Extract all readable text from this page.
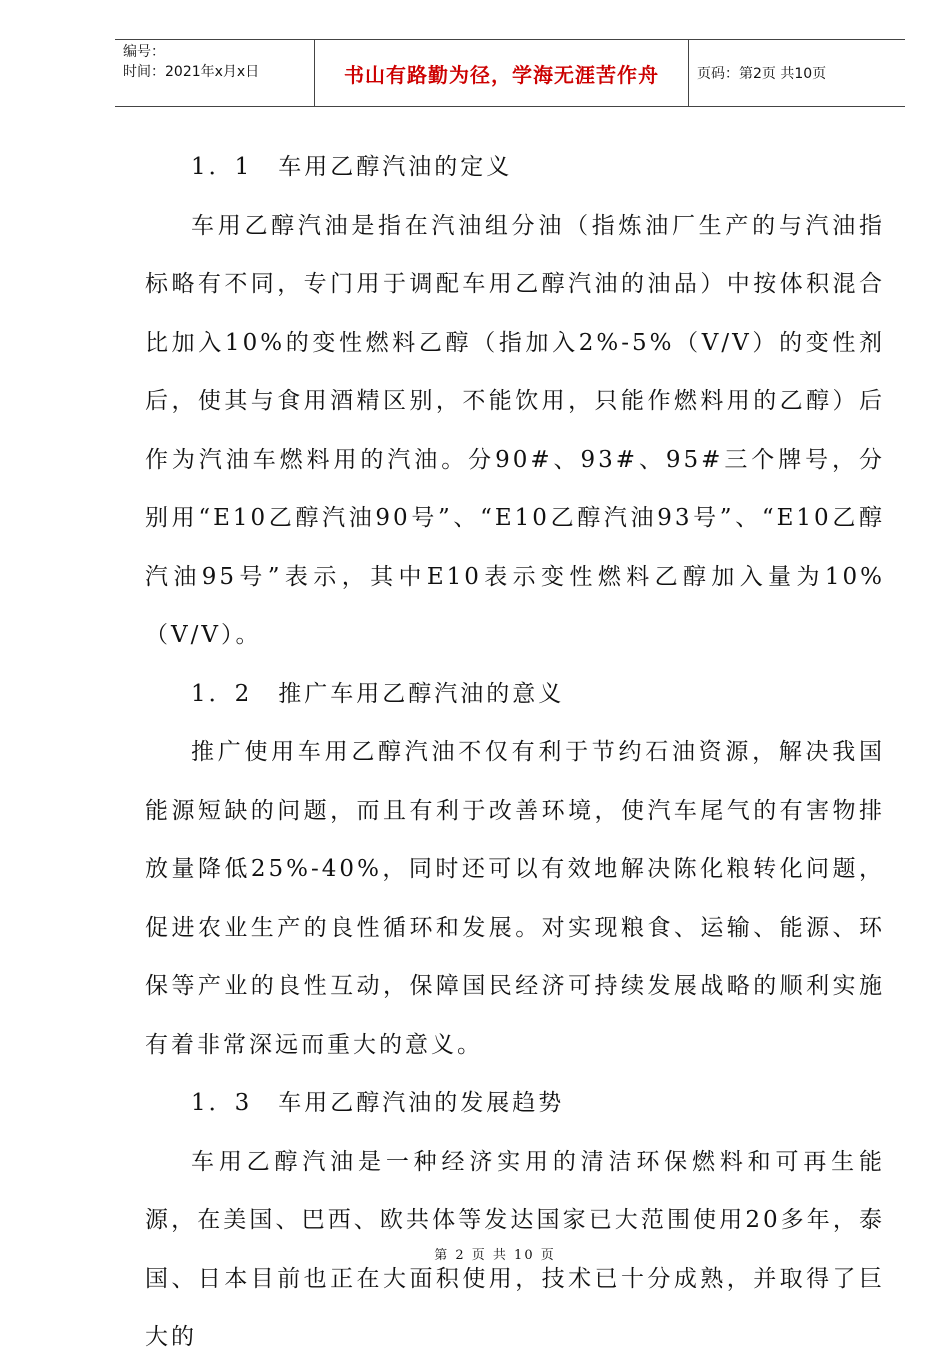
编号：
时间：2021年x月x日	书山有路勤为径，学海无涯苦作舟	页码：第2页 共10页

1．1　车用乙醇汽油的定义

车用乙醇汽油是指在汽油组分油（指炼油厂生产的与汽油指标略有不同，专门用于调配车用乙醇汽油的油品）中按体积混合比加入10%的变性燃料乙醇（指加入2%-5%（V/V）的变性剂后，使其与食用酒精区别，不能饮用，只能作燃料用的乙醇）后作为汽油车燃料用的汽油。分90#、93#、95#三个牌号，分别用“E10乙醇汽油90号”、“E10乙醇汽油93号”、“E10乙醇汽油95号”表示，其中E10表示变性燃料乙醇加入量为10%（V/V）。

1．2　推广车用乙醇汽油的意义

推广使用车用乙醇汽油不仅有利于节约石油资源，解决我国能源短缺的问题，而且有利于改善环境，使汽车尾气的有害物排放量降低25%-40%，同时还可以有效地解决陈化粮转化问题，促进农业生产的良性循环和发展。对实现粮食、运输、能源、环保等产业的良性互动，保障国民经济可持续发展战略的顺利实施有着非常深远而重大的意义。

1．3　车用乙醇汽油的发展趋势

车用乙醇汽油是一种经济实用的清洁环保燃料和可再生能源，在美国、巴西、欧共体等发达国家已大范围使用20多年，泰国、日本目前也正在大面积使用，技术已十分成熟，并取得了巨大的

第 2 页 共 10 页
